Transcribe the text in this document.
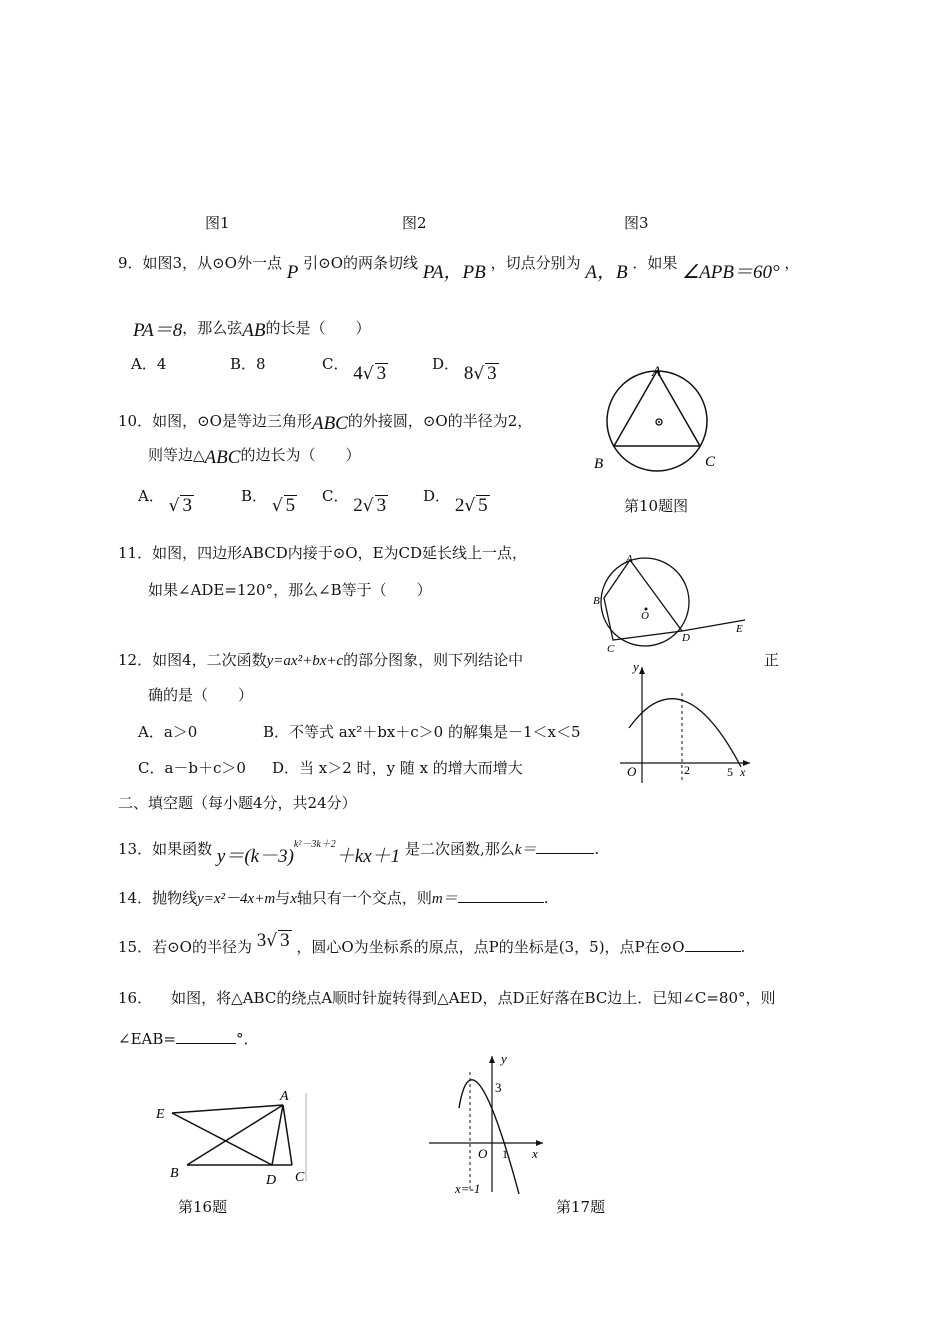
图1	图2	图3
9．如图3，从⊙O外一点 P 引⊙O的两条切线 PA，PB ，切点分别为 A，B ．如果 ∠APB＝60° ，
PA＝8，那么弦AB的长是（　　）
A．4	B．8	C． 4√ 3	D． 8√ 3
10．如图，⊙O是等边三角形ABC的外接圆，⊙O的半径为2，
则等边△ABC的边长为（　　）
A． √ 3	B． √ 5 C． 2√ 3 D． 2√ 5
A
B	C
第10题图
11．如图，四边形ABCD内接于⊙O，E为CD延长线上一点，
如果∠ADE=120°，那么∠B等于（　　）
A
B
C
D
E
O
12．如图4，二次函数y=ax²+bx+c的部分图象，则下列结论中	正
确的是（　　）
A．a＞0	B．不等式 ax²＋bx＋c＞0 的解集是－1＜x＜5
C．a－b＋c＞0 D．当 x＞2 时，y 随 x 的增大而增大
y
O	2	5 x
二、填空题（每小题4分，共24分）
13．如果函数 $y=(k-3)^{k^2-3k+2}+kx+1$ 是二次函数,那么k＝	.
14．抛物线y=x²－4x+m与x轴只有一个交点，则m＝	.
15．若⊙O的半径为 3√ 3 ，圆心O为坐标系的原点，点P的坐标是(3，5)，点P在⊙O	.
16． 如图，将△ABC的绕点A顺时针旋转得到△AED，点D正好落在BC边上．已知∠C=80°，则
∠EAB=	°．
E
A
B	D C
第16题
y
3
O 1 x
x=-1
第17题
